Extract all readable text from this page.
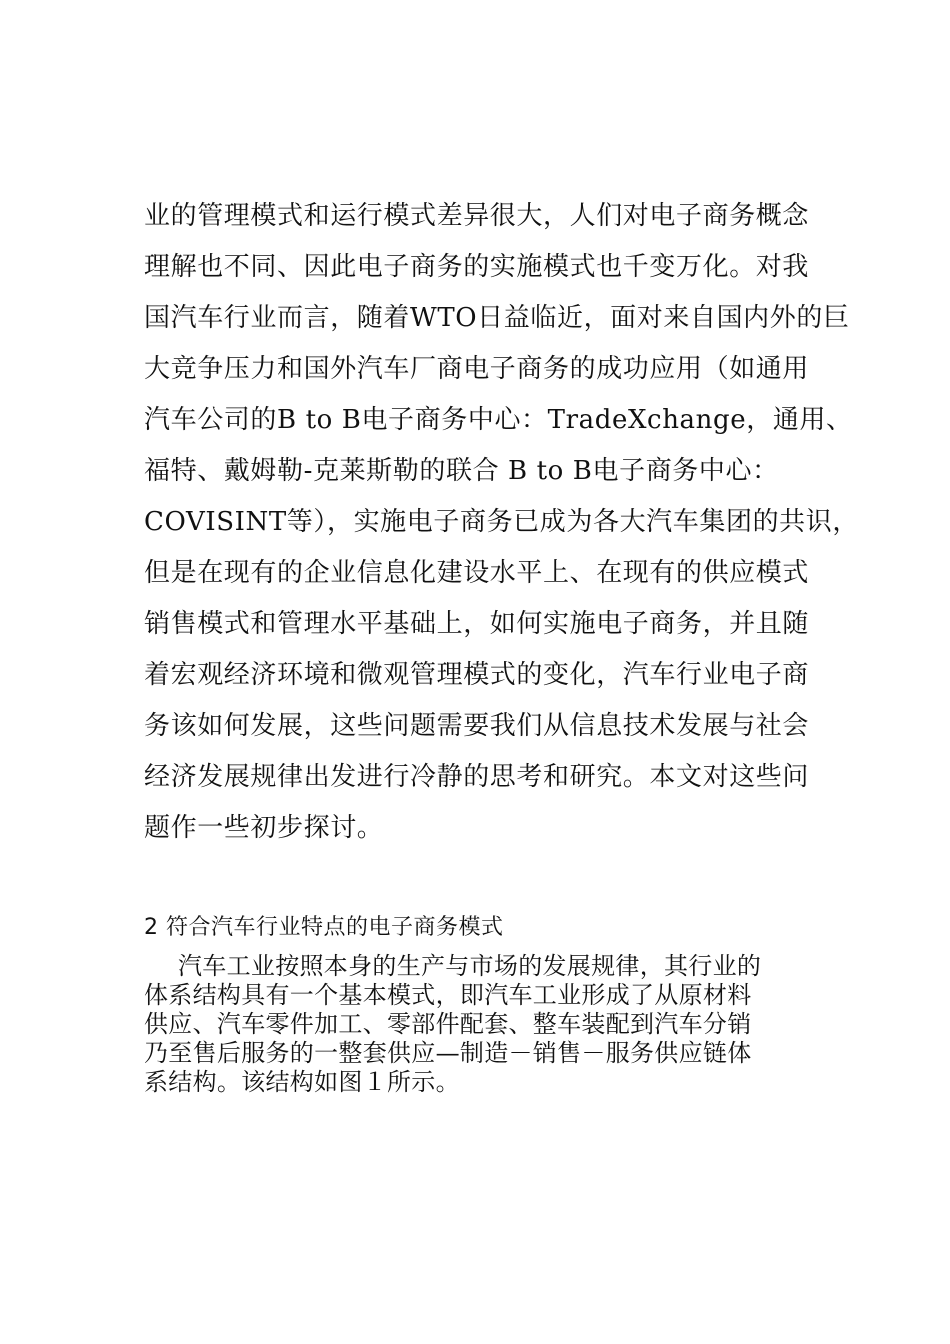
业的管理模式和运行模式差异很大，人们对电子商务概念
理解也不同、因此电子商务的实施模式也千变万化。对我
国汽车行业而言，随着WTO日益临近，面对来自国内外的巨
大竞争压力和国外汽车厂商电子商务的成功应用（如通用
汽车公司的B to B电子商务中心：TradeXchange，通用、
福特、戴姆勒-克莱斯勒的联合 B to B电子商务中心：
COVISINT等），实施电子商务已成为各大汽车集团的共识，
但是在现有的企业信息化建设水平上、在现有的供应模式
销售模式和管理水平基础上，如何实施电子商务，并且随
着宏观经济环境和微观管理模式的变化，汽车行业电子商
务该如何发展，这些问题需要我们从信息技术发展与社会
经济发展规律出发进行冷静的思考和研究。本文对这些问
题作一些初步探讨。
2 符合汽车行业特点的电子商务模式
汽车工业按照本身的生产与市场的发展规律，其行业的
体系结构具有一个基本模式，即汽车工业形成了从原材料
供应、汽车零件加工、零部件配套、整车装配到汽车分销
乃至售后服务的一整套供应—制造－销售－服务供应链体
系结构。该结构如图１所示。
